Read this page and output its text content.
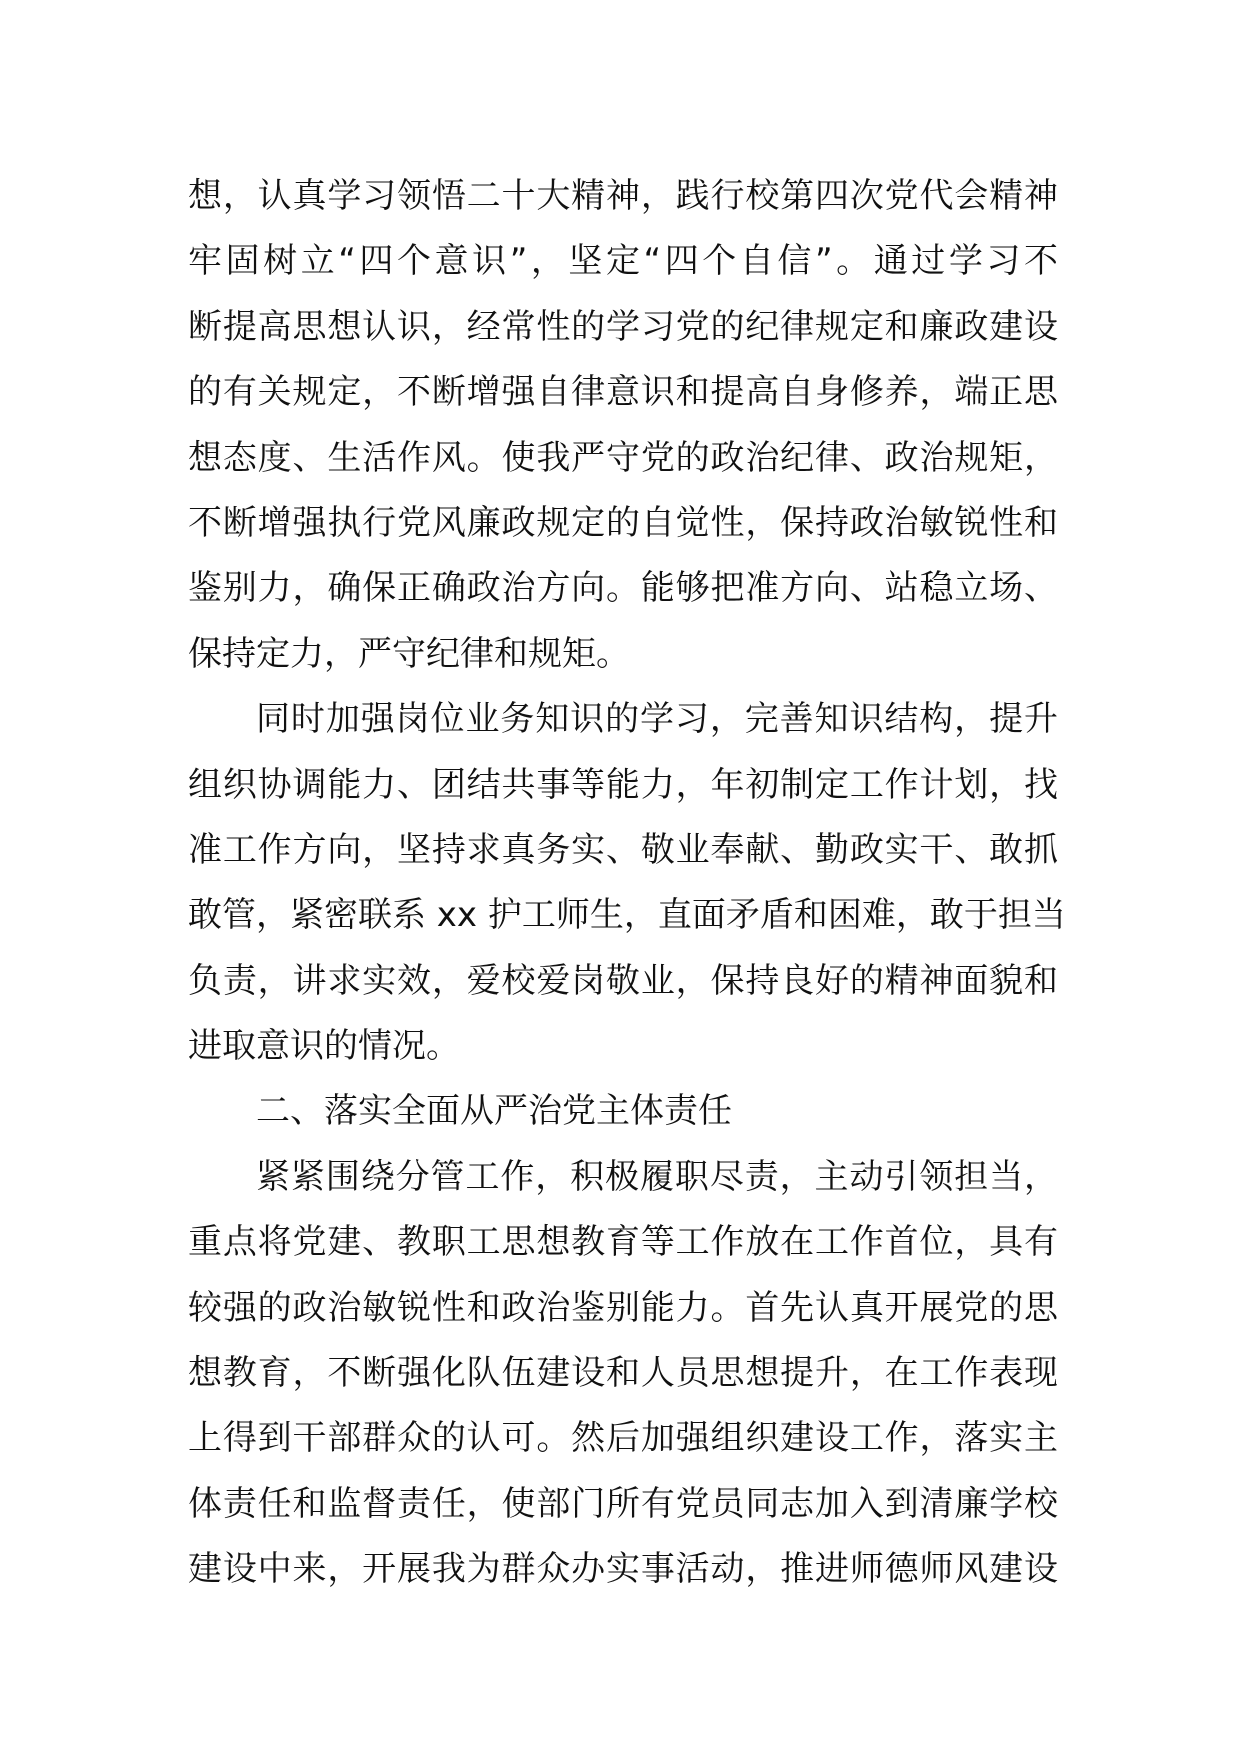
想，认真学习领悟二十大精神，践行校第四次党代会精神
牢固树立“四个意识”，坚定“四个自信”。通过学习不
断提高思想认识，经常性的学习党的纪律规定和廉政建设
的有关规定，不断增强自律意识和提高自身修养，端正思
想态度、生活作风。使我严守党的政治纪律、政治规矩，
不断增强执行党风廉政规定的自觉性，保持政治敏锐性和
鉴别力，确保正确政治方向。能够把准方向、站稳立场、
保持定力，严守纪律和规矩。
同时加强岗位业务知识的学习，完善知识结构，提升
组织协调能力、团结共事等能力，年初制定工作计划，找
准工作方向，坚持求真务实、敬业奉献、勤政实干、敢抓
敢管，紧密联系 xx 护工师生，直面矛盾和困难，敢于担当
负责，讲求实效，爱校爱岗敬业，保持良好的精神面貌和
进取意识的情况。
二、落实全面从严治党主体责任
紧紧围绕分管工作，积极履职尽责，主动引领担当，
重点将党建、教职工思想教育等工作放在工作首位，具有
较强的政治敏锐性和政治鉴别能力。首先认真开展党的思
想教育，不断强化队伍建设和人员思想提升，在工作表现
上得到干部群众的认可。然后加强组织建设工作，落实主
体责任和监督责任，使部门所有党员同志加入到清廉学校
建设中来，开展我为群众办实事活动，推进师德师风建设
